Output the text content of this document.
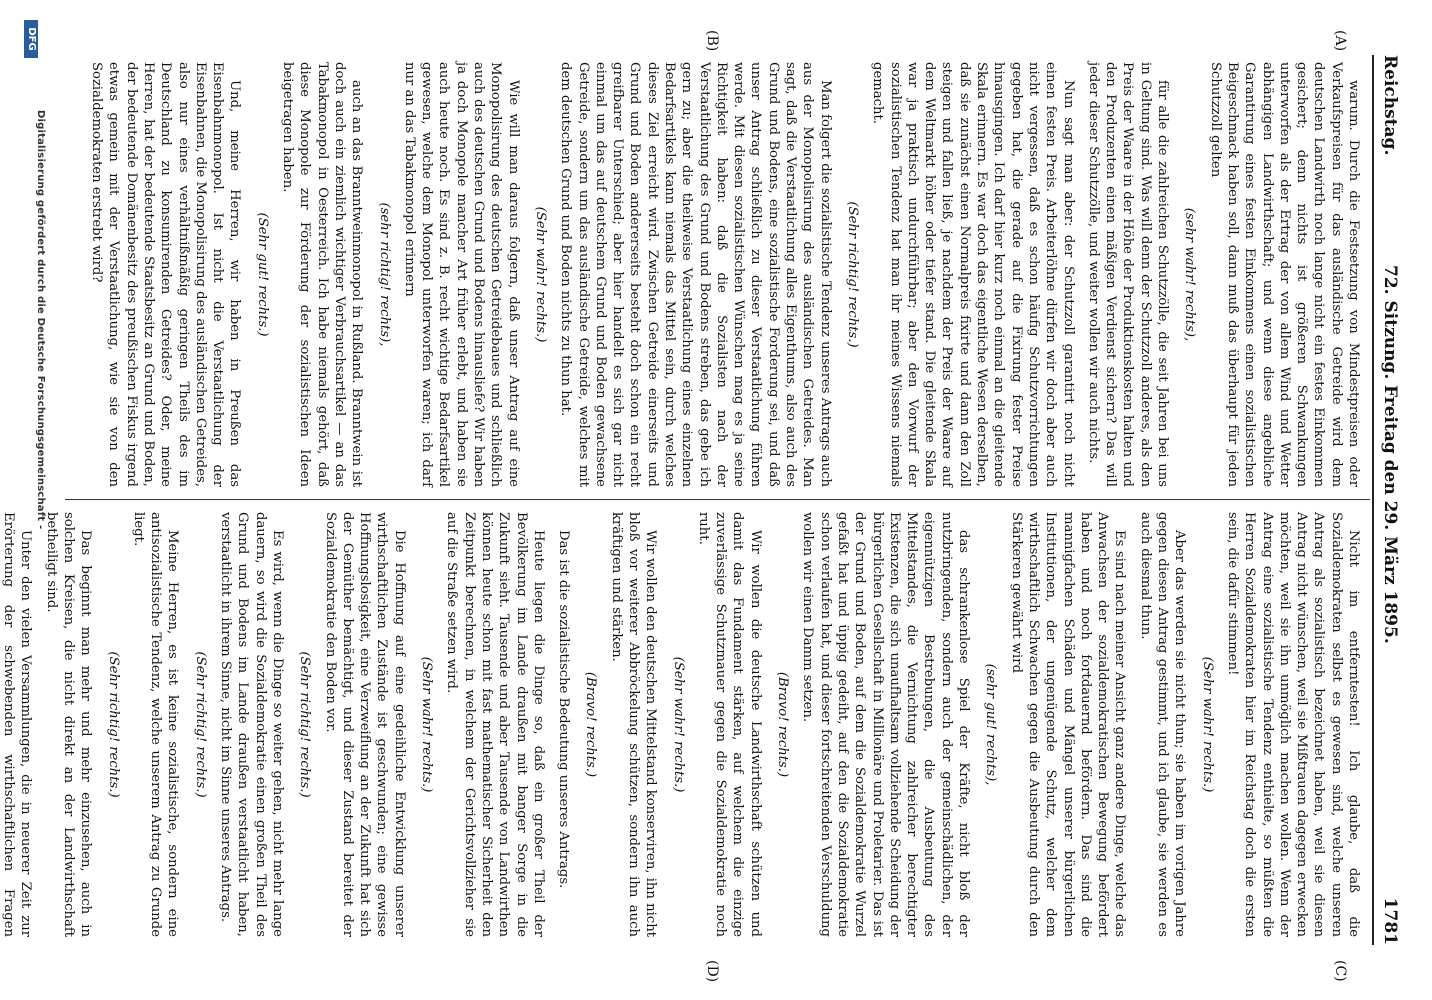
Reichstag.
72. Sitzung.
Freitag den 29. März 1895.
1781
(A)
(B)
(C)
(D)

warum. Durch die Festsetzung von Mindestpreisen oder Verkaufspreisen für das ausländische Getreide wird dem deutschen Landwirth noch lange nicht ein festes Einkommen gesichert; denn nichts ist größeren Schwankungen unterworfen als der Ertrag der von allem Wind und Wetter abhängigen Landwirthschaft; und wenn diese angebliche Garantirung eines festen Einkommens einen sozialistischen Beigeschmack haben soll, dann muß das überhaupt für jeden Schutzzoll gelten

(sehr wahr! rechts),

für alle die zahlreichen Schutzzölle, die seit Jahren bei uns in Geltung sind. Was will denn der Schutzzoll anderes, als den Preis der Waare in der Höhe der Produktionskosten halten und den Produzenten einen mäßigen Verdienst sichern? Das will jeder dieser Schutzzölle, und weiter wollen wir auch nichts.

Nun sagt man aber: der Schutzzoll garantirt noch nicht einen festen Preis. Arbeiterlöhne dürfen wir doch aber auch nicht vergessen, daß es schon häufig Schutzvorrichtungen gegeben hat, die gerade auf die Fixirung fester Preise hinausgingen. Ich darf hier kurz noch einmal an die gleitende Skala erinnern. Es war doch das eigentliche Wesen derselben, daß sie zunächst einen Normalpreis fixirte und dann den Zoll steigen und fallen ließ, je nachdem der Preis der Waare auf dem Weltmarkt höher oder tiefer stand. Die gleitende Skala war ja praktisch undurchführbar; aber den Vorwurf der sozialistischen Tendenz hat man ihr meines Wissens niemals gemacht.

(Sehr richtig! rechts.)

Man folgert die sozialistische Tendenz unseres Antrags auch aus der Monopolisirung des ausländischen Getreides. Man sagt, daß die Verstaatlichung alles Eigenthums, also auch des Grund und Bodens, eine sozialistische Forderung sei, und daß unser Antrag schließlich zu dieser Verstaatlichung führen werde. Mit diesen sozialistischen Wünschen mag es ja seine Richtigkeit haben: daß die Sozialisten nach der Verstaatlichung des Grund und Bodens streben, das gebe ich gern zu; aber die theilweise Verstaatlichung eines einzelnen Bedarfsartikels kann niemals das Mittel sein, durch welches dieses Ziel erreicht wird. Zwischen Getreide einerseits und Grund und Boden andererseits besteht doch schon ein recht greifbarer Unterschied; aber hier handelt es sich gar nicht einmal um das auf deutschem Grund und Boden gewachsene Getreide, sondern um das ausländische Getreide, welches mit dem deutschen Grund und Boden nichts zu thun hat.

(Sehr wahr! rechts.)

Wie will man daraus folgern, daß unser Antrag auf eine Monopolisirung des deutschen Getreidebaues und schließlich auch des deutschen Grund und Bodens hinausliefe? Wir haben ja doch Monopole mancher Art früher erlebt, und haben sie auch heute noch. Es sind z. B. recht wichtige Bedarfsartikel gewesen, welche dem Monopol unterworfen waren; ich darf nur an das Tabakmonopol erinnern

(sehr richtig! rechts),

auch an das Branntweinmonopol in Rußland. Branntwein ist doch auch ein ziemlich wichtiger Verbrauchsartikel — an das Tabakmonopol in Oesterreich. Ich habe niemals gehört, daß diese Monopole zur Förderung der sozialistischen Ideen beigetragen haben.

(Sehr gut! rechts.)

Und, meine Herren, wir haben in Preußen das Eisenbahnmonopol. Ist nicht die Verstaatlichung der Eisenbahnen, die Monopolisirung des ausländischen Getreides, also nur eines verhältnißmäßig geringen Theils des im Deutschland zu konsumirenden Getreides? Oder, meine Herren, hat der bedeutende Staatsbesitz an Grund und Boden, der bedeutende Domänenbesitz des preußischen Fiskus irgend etwas gemein mit der Verstaatlichung, wie sie von den Sozialdemokraten erstrebt wird?

Nicht im entferntesten! Ich glaube, daß die Sozialdemokraten selbst es gewesen sind, welche unseren Antrag als sozialistisch bezeichnet haben, weil sie diesen Antrag nicht wünschen, weil sie Mißtrauen dagegen erwecken möchten, weil sie ihn unmöglich machen wollen. Wenn der Antrag eine sozialistische Tendenz enthielte, so müßten die Herren Sozialdemokraten hier im Reichstag doch die ersten sein, die dafür stimmen!

(Sehr wahr! rechts.)

Aber das werden sie nicht thun; sie haben im vorigen Jahre gegen diesen Antrag gestimmt, und ich glaube, sie werden es auch diesmal thun.

Es sind nach meiner Ansicht ganz andere Dinge, welche das Anwachsen der sozialdemokratischen Bewegung befördert haben und noch fortdauernd befördern. Das sind die mannigfachen Schäden und Mängel unserer bürgerlichen Institutionen, der ungenügende Schutz, welcher dem wirthschaftlich Schwachen gegen die Ausbeutung durch den Stärkeren gewährt wird

(sehr gut! rechts),

das schrankenlose Spiel der Kräfte, nicht bloß der nutzbringenden, sondern auch der gemeinschädlichen, der eigennützigen Bestrebungen, die Ausbeutung des Mittelstandes, die Vernichtung zahlreicher berechtigter Existenzen, die sich unaufhaltsam vollziehende Scheidung der bürgerlichen Gesellschaft in Millionäre und Proletarier. Das ist der Grund und Boden, auf dem die Sozialdemokratie Wurzel gefaßt hat und üppig gedeiht, auf den die Sozialdemokratie schon verlaufen hat, und dieser fortschreitenden Verschuldung wollen wir einen Damm setzen.

(Bravo! rechts.)

Wir wollen die deutsche Landwirthschaft schützen und damit das Fundament stärken, auf welchem die einzige zuverlässige Schutzmauer gegen die Sozialdemokratie noch ruht.

(Sehr wahr! rechts.)

Wir wollen den deutschen Mittelstand konserviren, ihn nicht bloß vor weiterer Abbröckelung schützen, sondern ihn auch kräftigen und stärken.

(Bravo! rechts.)

Das ist die sozialistische Bedeutung unseres Antrags.

Heute liegen die Dinge so, daß ein großer Theil der Bevölkerung im Lande draußen mit banger Sorge in die Zukunft sieht. Tausende und aber Tausende von Landwirthen können heute schon mit fast mathematischer Sicherheit den Zeitpunkt berechnen, in welchem der Gerichtsvollzieher sie auf die Straße setzen wird.

(Sehr wahr! rechts.)

Die Hoffnung auf eine gedeihliche Entwicklung unserer wirthschaftlichen Zustände ist geschwunden; eine gewisse Hoffnungslosigkeit, eine Verzweiflung an der Zukunft hat sich der Gemüther bemächtigt, und dieser Zustand bereitet der Sozialdemokratie den Boden vor.

(Sehr richtig! rechts.)

Es wird, wenn die Dinge so weiter gehen, nicht mehr lange dauern, so wird die Sozialdemokratie einen großen Theil des Grund und Bodens im Lande draußen verstaatlicht haben, verstaatlicht in ihrem Sinne, nicht im Sinne unseres Antrags.

(Sehr richtig! rechts.)

Meine Herren, es ist keine sozialistische, sondern eine antisozialistische Tendenz, welche unserem Antrag zu Grunde liegt.

(Sehr richtig! rechts.)

Das beginnt man mehr und mehr einzusehen, auch in solchen Kreisen, die nicht direkt an der Landwirthschaft betheiligt sind.

Unter den vielen Versammlungen, die in neuerer Zeit zur Erörterung der schwebenden wirthschaftlichen Fragen

DFG
Digitalisierung gefördert durch die Deutsche Forschungsgemeinschaft -
